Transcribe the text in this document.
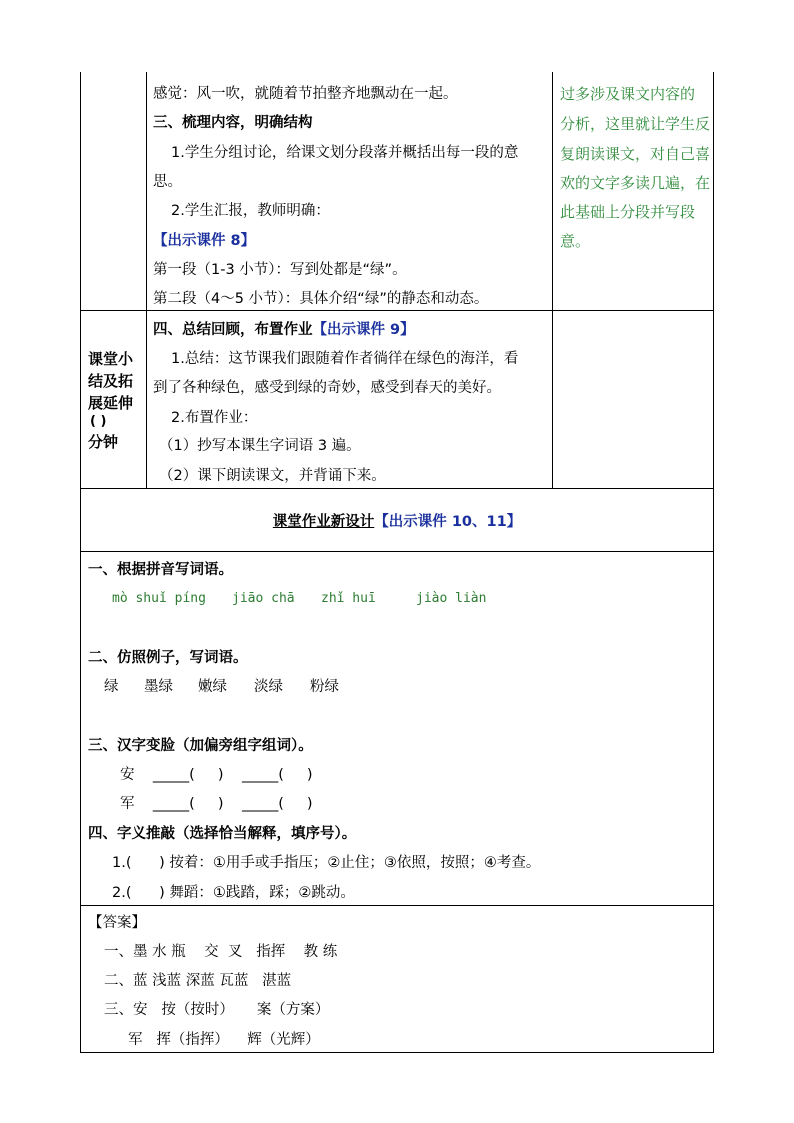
感觉：风一吹，就随着节拍整齐地飘动在一起。
三、梳理内容，明确结构
1.学生分组讨论，给课文划分段落并概括出每一段的意
思。
2.学生汇报，教师明确：
【出示课件 8】
第一段（1-3 小节）：写到处都是“绿”。
第二段（4～5 小节）：具体介绍“绿”的静态和动态。
过多涉及课文内容的
分析，这里就让学生反
复朗读课文，对自己喜
欢的文字多读几遍，在
此基础上分段并写段
意。
课堂小
结及拓
展延伸
( )
分钟
四、总结回顾，布置作业【出示课件 9】
1.总结：这节课我们跟随着作者徜徉在绿色的海洋，看
到了各种绿色，感受到绿的奇妙，感受到春天的美好。
2.布置作业：
（1）抄写本课生字词语 3 遍。
（2）课下朗读课文，并背诵下来。
课堂作业新设计【出示课件 10、11】
一、根据拼音写词语。
mò shuǐ píng jiāo chā zhǐ huī	jiào liàn
二、仿照例子，写词语。
绿 墨绿 嫩绿 淡绿 粉绿
三、汉字变脸（加偏旁组字组词）。
安    _____(     )    _____(     )
军    _____(     )    _____(     )
四、字义推敲（选择恰当解释，填序号）。
1.(      ) 按着：①用手或手指压；②止住；③依照，按照；④考查。
2.(      ) 舞蹈：①践踏，踩；②跳动。
【答案】
一、墨 水 瓶    交  叉   指挥    教 练
二、蓝 浅蓝 深蓝 瓦蓝   湛蓝
三、安   按（按时）     案（方案）
军   挥（指挥）    辉（光辉）
